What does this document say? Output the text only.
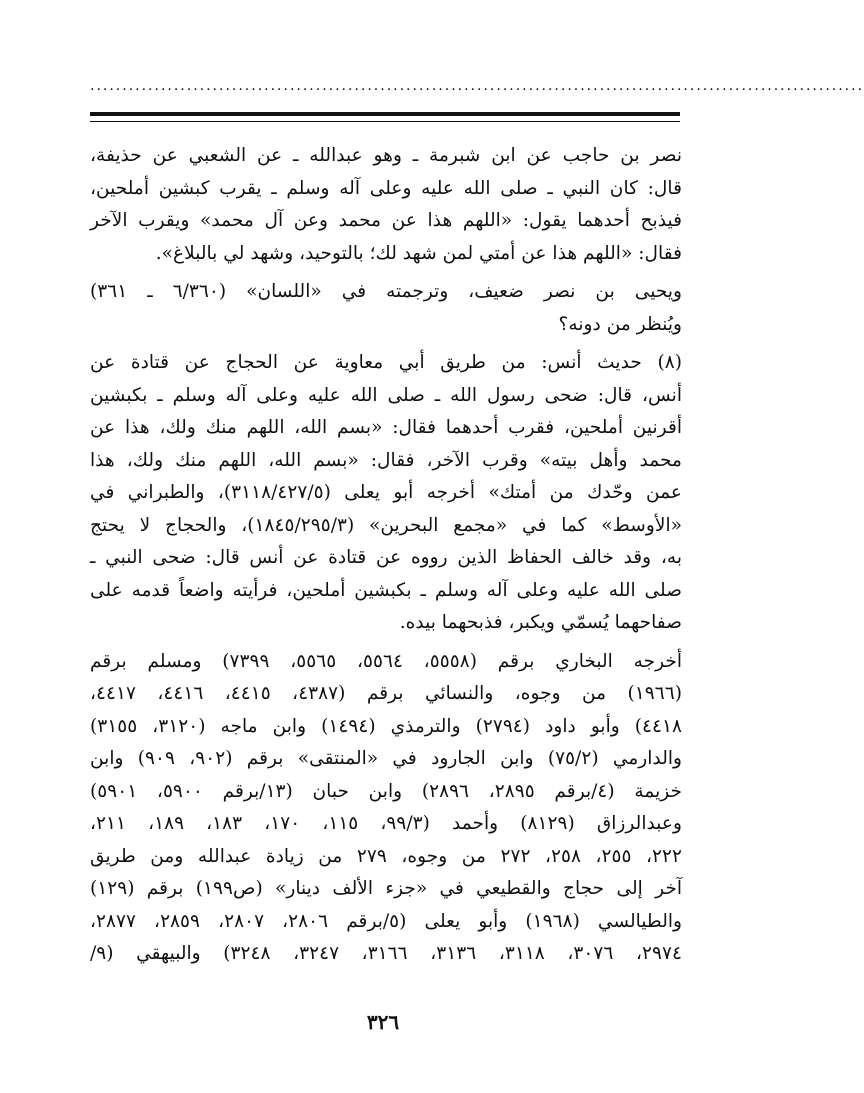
........................................................................................................................

نصر بن حاجب عن ابن شبرمة ـ وهو عبدالله ـ عن الشعبي عن حذيفة،
قال: كان النبي ـ صلى الله عليه وعلى آله وسلم ـ يقرب كبشين أملحين،
فيذبح أحدهما يقول: «اللهم هذا عن محمد وعن آل محمد» ويقرب الآخر
فقال: «اللهم هذا عن أمتي لمن شهد لك؛ بالتوحيد، وشهد لي بالبلاغ».

ويحيى بن نصر ضعيف، وترجمته في «اللسان» (٦/٣٦٠ ـ ٣٦١)
ويُنظر من دونه؟

(٨) حديث أنس: من طريق أبي معاوية عن الحجاج عن قتادة عن
أنس، قال: ضحى رسول الله ـ صلى الله عليه وعلى آله وسلم ـ بكبشين
أقرنين أملحين، فقرب أحدهما فقال: «بسم الله، اللهم منك ولك، هذا عن
محمد وأهل بيته» وقرب الآخر، فقال: «بسم الله، اللهم منك ولك، هذا
عمن وحّدك من أمتك» أخرجه أبو يعلى (٣١١٨/٤٢٧/٥)، والطبراني في
«الأوسط» كما في «مجمع البحرين» (١٨٤٥/٢٩٥/٣)، والحجاج لا يحتج
به، وقد خالف الحفاظ الذين رووه عن قتادة عن أنس قال: ضحى النبي ـ
صلى الله عليه وعلى آله وسلم ـ بكبشين أملحين، فرأيته واضعاً قدمه على
صفاحهما يُسمّي ويكبر، فذبحهما بيده.

أخرجه البخاري برقم (٥٥٥٨، ٥٥٦٤، ٥٥٦٥، ٧٣٩٩) ومسلم برقم
(١٩٦٦) من وجوه، والنسائي برقم (٤٣٨٧، ٤٤١٥، ٤٤١٦، ٤٤١٧،
٤٤١٨) وأبو داود (٢٧٩٤) والترمذي (١٤٩٤) وابن ماجه (٣١٢٠، ٣١٥٥)
والدارمي (٧٥/٢) وابن الجارود في «المنتقى» برقم (٩٠٢، ٩٠٩) وابن
خزيمة (٤/برقم ٢٨٩٥، ٢٨٩٦) وابن حبان (١٣/برقم ٥٩٠٠، ٥٩٠١)
وعبدالرزاق (٨١٢٩) وأحمد (٩٩/٣، ١١٥، ١٧٠، ١٨٣، ١٨٩، ٢١١،
٢٢٢، ٢٥٥، ٢٥٨، ٢٧٢ من وجوه، ٢٧٩ من زيادة عبدالله ومن طريق
آخر إلى حجاج والقطيعي في «جزء الألف دينار» (ص١٩٩) برقم (١٢٩)
والطيالسي (١٩٦٨) وأبو يعلى (٥/برقم ٢٨٠٦، ٢٨٠٧، ٢٨٥٩، ٢٨٧٧،
٢٩٧٤، ٣٠٧٦، ٣١١٨، ٣١٣٦، ٣١٦٦، ٣٢٤٧، ٣٢٤٨) والبيهقي (٩/

٣٢٦
